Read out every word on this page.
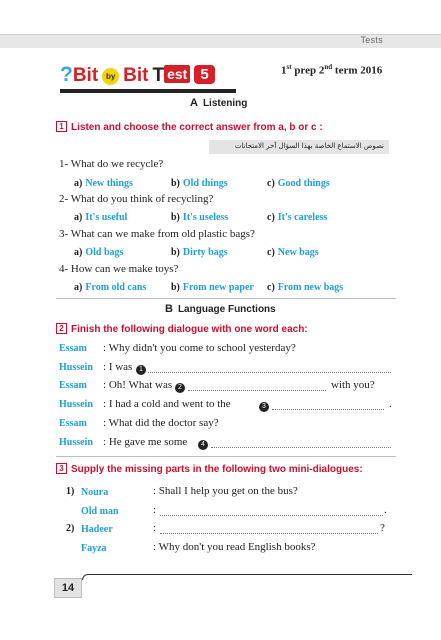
Tests
?Bit by Bit T est 5	1st prep 2nd term 2016
A Listening
1 Listen and choose the correct answer from a, b or c :
نصوص الاستماع الخاصة بهذا السؤال آخر الامتحانات
1- What do we recycle?
a) New things	b) Old things	c) Good things
2- What do you think of recycling?
a) It's useful	b) It's useless	c) It's careless
3- What can we make from old plastic bags?
a) Old bags	b) Dirty bags	c) New bags
4- How can we make toys?
a) From old cans b) From new paper c) From new bags
B Language Functions
2 Finish the following dialogue with one word each:
Essam : Why didn't you come to school yesterday?
Hussein : I was 1
Essam : Oh! What was 2	with you?
Hussein : I had a cold and went to the	3	.
Essam : What did the doctor say?
Hussein : He gave me some	4
3 Supply the missing parts in the following two mini-dialogues:
1) Noura	: Shall I help you get on the bus?
Old man	:	.
2) Hadeer	:	?
Fayza	: Why don't you read English books?
14
